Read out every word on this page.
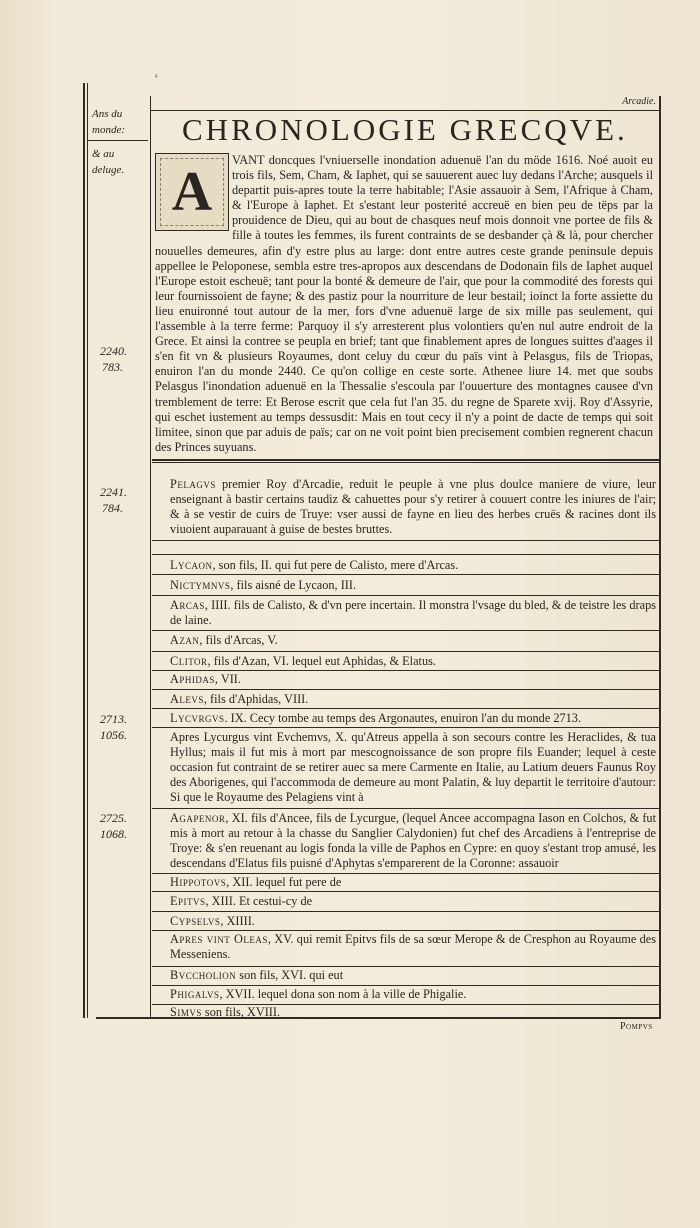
‘
Ans du monde:
& au deluge.
2240.
783.
2241.
784.
2713.
1056.
2725.
1068.
Arcadie.
CHRONOLOGIE GRECQVE.
A
VANT doncques l'vniuerselle inondation aduenuë l'an du möde 1616. Noé auoit eu trois fils, Sem, Cham, & Iaphet, qui se sauuerent auec luy dedans l'Arche; ausquels il departit puis-apres toute la terre habitable; l'Asie assauoir à Sem, l'Afrique à Cham, & l'Europe à Iaphet. Et s'estant leur posterité accreuë en bien peu de tëps par la prouidence de Dieu, qui au bout de chasques neuf mois donnoit vne portee de fils & fille à toutes les femmes, ils furent contraints de se desbander çà & là, pour chercher nouuelles demeures, afin d'y estre plus au large: dont entre autres ceste grande peninsule depuis appellee le Peloponese, sembla estre tres-apropos aux descendans de Dodonain fils de Iaphet auquel l'Europe estoit escheuë; tant pour la bonté & demeure de l'air, que pour la commodité des forests qui leur fournissoient de fayne; & des pastiz pour la nourriture de leur bestail; ioinct la forte assiette du lieu enuironné tout autour de la mer, fors d'vne aduenuë large de six mille pas seulement, qui l'assemble à la terre ferme: Parquoy il s'y arresterent plus volontiers qu'en nul autre endroit de la Grece. Et ainsi la contree se peupla en brief; tant que finablement apres de longues suittes d'aages il s'en fit vn & plusieurs Royaumes, dont celuy du cœur du païs vint à Pelasgus, fils de Triopas, enuiron l'an du monde 2440. Ce qu'on collige en ceste sorte. Athenee liure 14. met que soubs Pelasgus l'inondation aduenuë en la Thessalie s'escoula par l'ouuerture des montagnes causee d'vn tremblement de terre: Et Berose escrit que cela fut l'an 35. du regne de Sparete xvij. Roy d'Assyrie, qui eschet iustement au temps dessusdit: Mais en tout cecy il n'y a point de dacte de temps qui soit limitee, sinon que par aduis de païs; car on ne voit point bien precisement combien regnerent chacun des Princes suyuans.
Pelagvs premier Roy d'Arcadie, reduit le peuple à vne plus doulce maniere de viure, leur enseignant à bastir certains taudiz & cahuettes pour s'y retirer à couuert contre les iniures de l'air; & à se vestir de cuirs de Truye: vser aussi de fayne en lieu des herbes cruës & racines dont ils viuoient auparauant à guise de bestes bruttes.
Lycaon, son fils, II. qui fut pere de Calisto, mere d'Arcas.
Nictymnvs, fils aisné de Lycaon, III.
Arcas, IIII. fils de Calisto, & d'vn pere incertain. Il monstra l'vsage du bled, & de teistre les draps de laine.
Azan, fils d'Arcas, V.
Clitor, fils d'Azan, VI. lequel eut Aphidas, & Elatus.
Aphidas, VII.
Alevs, fils d'Aphidas, VIII.
Lycvrgvs. IX. Cecy tombe au temps des Argonautes, enuiron l'an du monde 2713.
Apres Lycurgus vint Evchemvs, X. qu'Atreus appella à son secours contre les Heraclides, & tua Hyllus; mais il fut mis à mort par mescognoissance de son propre fils Euander; lequel à ceste occasion fut contraint de se retirer auec sa mere Carmente en Italie, au Latium deuers Faunus Roy des Aborigenes, qui l'accommoda de demeure au mont Palatin, & luy departit le territoire d'autour: Si que le Royaume des Pelagiens vint à
Agapenor, XI. fils d'Ancee, fils de Lycurgue, (lequel Ancee accompagna Iason en Colchos, & fut mis à mort au retour à la chasse du Sanglier Calydonien) fut chef des Arcadiens à l'entreprise de Troye: & s'en reuenant au logis fonda la ville de Paphos en Cypre: en quoy s'estant trop amusé, les descendans d'Elatus fils puisné d'Aphytas s'emparerent de la Coronne: assauoir
Hippotovs, XII. lequel fut pere de
Epitvs, XIII. Et cestui-cy de
Cypselvs, XIIII.
Apres vint Oleas, XV. qui remit Epitvs fils de sa sœur Merope & de Cresphon au Royaume des Messeniens.
Bvccholion son fils, XVI. qui eut
Phigalvs, XVII. lequel dona son nom à la ville de Phigalie.
Simvs son fils, XVIII.
Pompvs
